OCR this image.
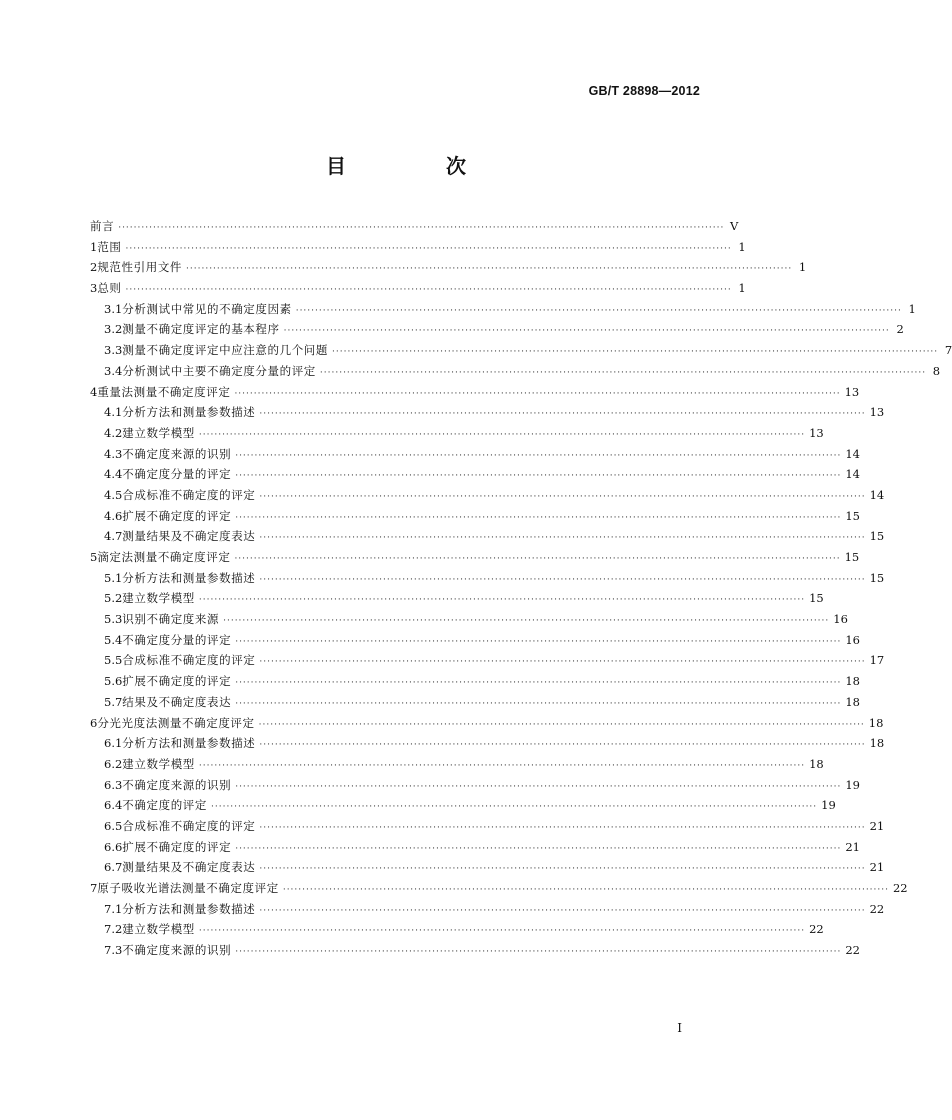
GB/T 28898—2012
目　次
前言 ····························································································································································· V
1 范围 ····························································································································································· 1
2 规范性引用文件 ····························································································································································· 1
3 总则 ····························································································································································· 1
3.1 分析测试中常见的不确定度因素 ····························································································································································· 1
3.2 测量不确定度评定的基本程序 ····························································································································································· 2
3.3 测量不确定度评定中应注意的几个问题 ····························································································································································· 7
3.4 分析测试中主要不确定度分量的评定 ····························································································································································· 8
4 重量法测量不确定度评定 ····························································································································································· 13
4.1 分析方法和测量参数描述 ····························································································································································· 13
4.2 建立数学模型 ····························································································································································· 13
4.3 不确定度来源的识别 ····························································································································································· 14
4.4 不确定度分量的评定 ····························································································································································· 14
4.5 合成标准不确定度的评定 ····························································································································································· 14
4.6 扩展不确定度的评定 ····························································································································································· 15
4.7 测量结果及不确定度表达 ····························································································································································· 15
5 滴定法测量不确定度评定 ····························································································································································· 15
5.1 分析方法和测量参数描述 ····························································································································································· 15
5.2 建立数学模型 ····························································································································································· 15
5.3 识别不确定度来源 ····························································································································································· 16
5.4 不确定度分量的评定 ····························································································································································· 16
5.5 合成标准不确定度的评定 ····························································································································································· 17
5.6 扩展不确定度的评定 ····························································································································································· 18
5.7 结果及不确定度表达 ····························································································································································· 18
6 分光光度法测量不确定度评定 ····························································································································································· 18
6.1 分析方法和测量参数描述 ····························································································································································· 18
6.2 建立数学模型 ····························································································································································· 18
6.3 不确定度来源的识别 ····························································································································································· 19
6.4 不确定度的评定 ····························································································································································· 19
6.5 合成标准不确定度的评定 ····························································································································································· 21
6.6 扩展不确定度的评定 ····························································································································································· 21
6.7 测量结果及不确定度表达 ····························································································································································· 21
7 原子吸收光谱法测量不确定度评定 ····························································································································································· 22
7.1 分析方法和测量参数描述 ····························································································································································· 22
7.2 建立数学模型 ····························································································································································· 22
7.3 不确定度来源的识别 ····························································································································································· 22
I
